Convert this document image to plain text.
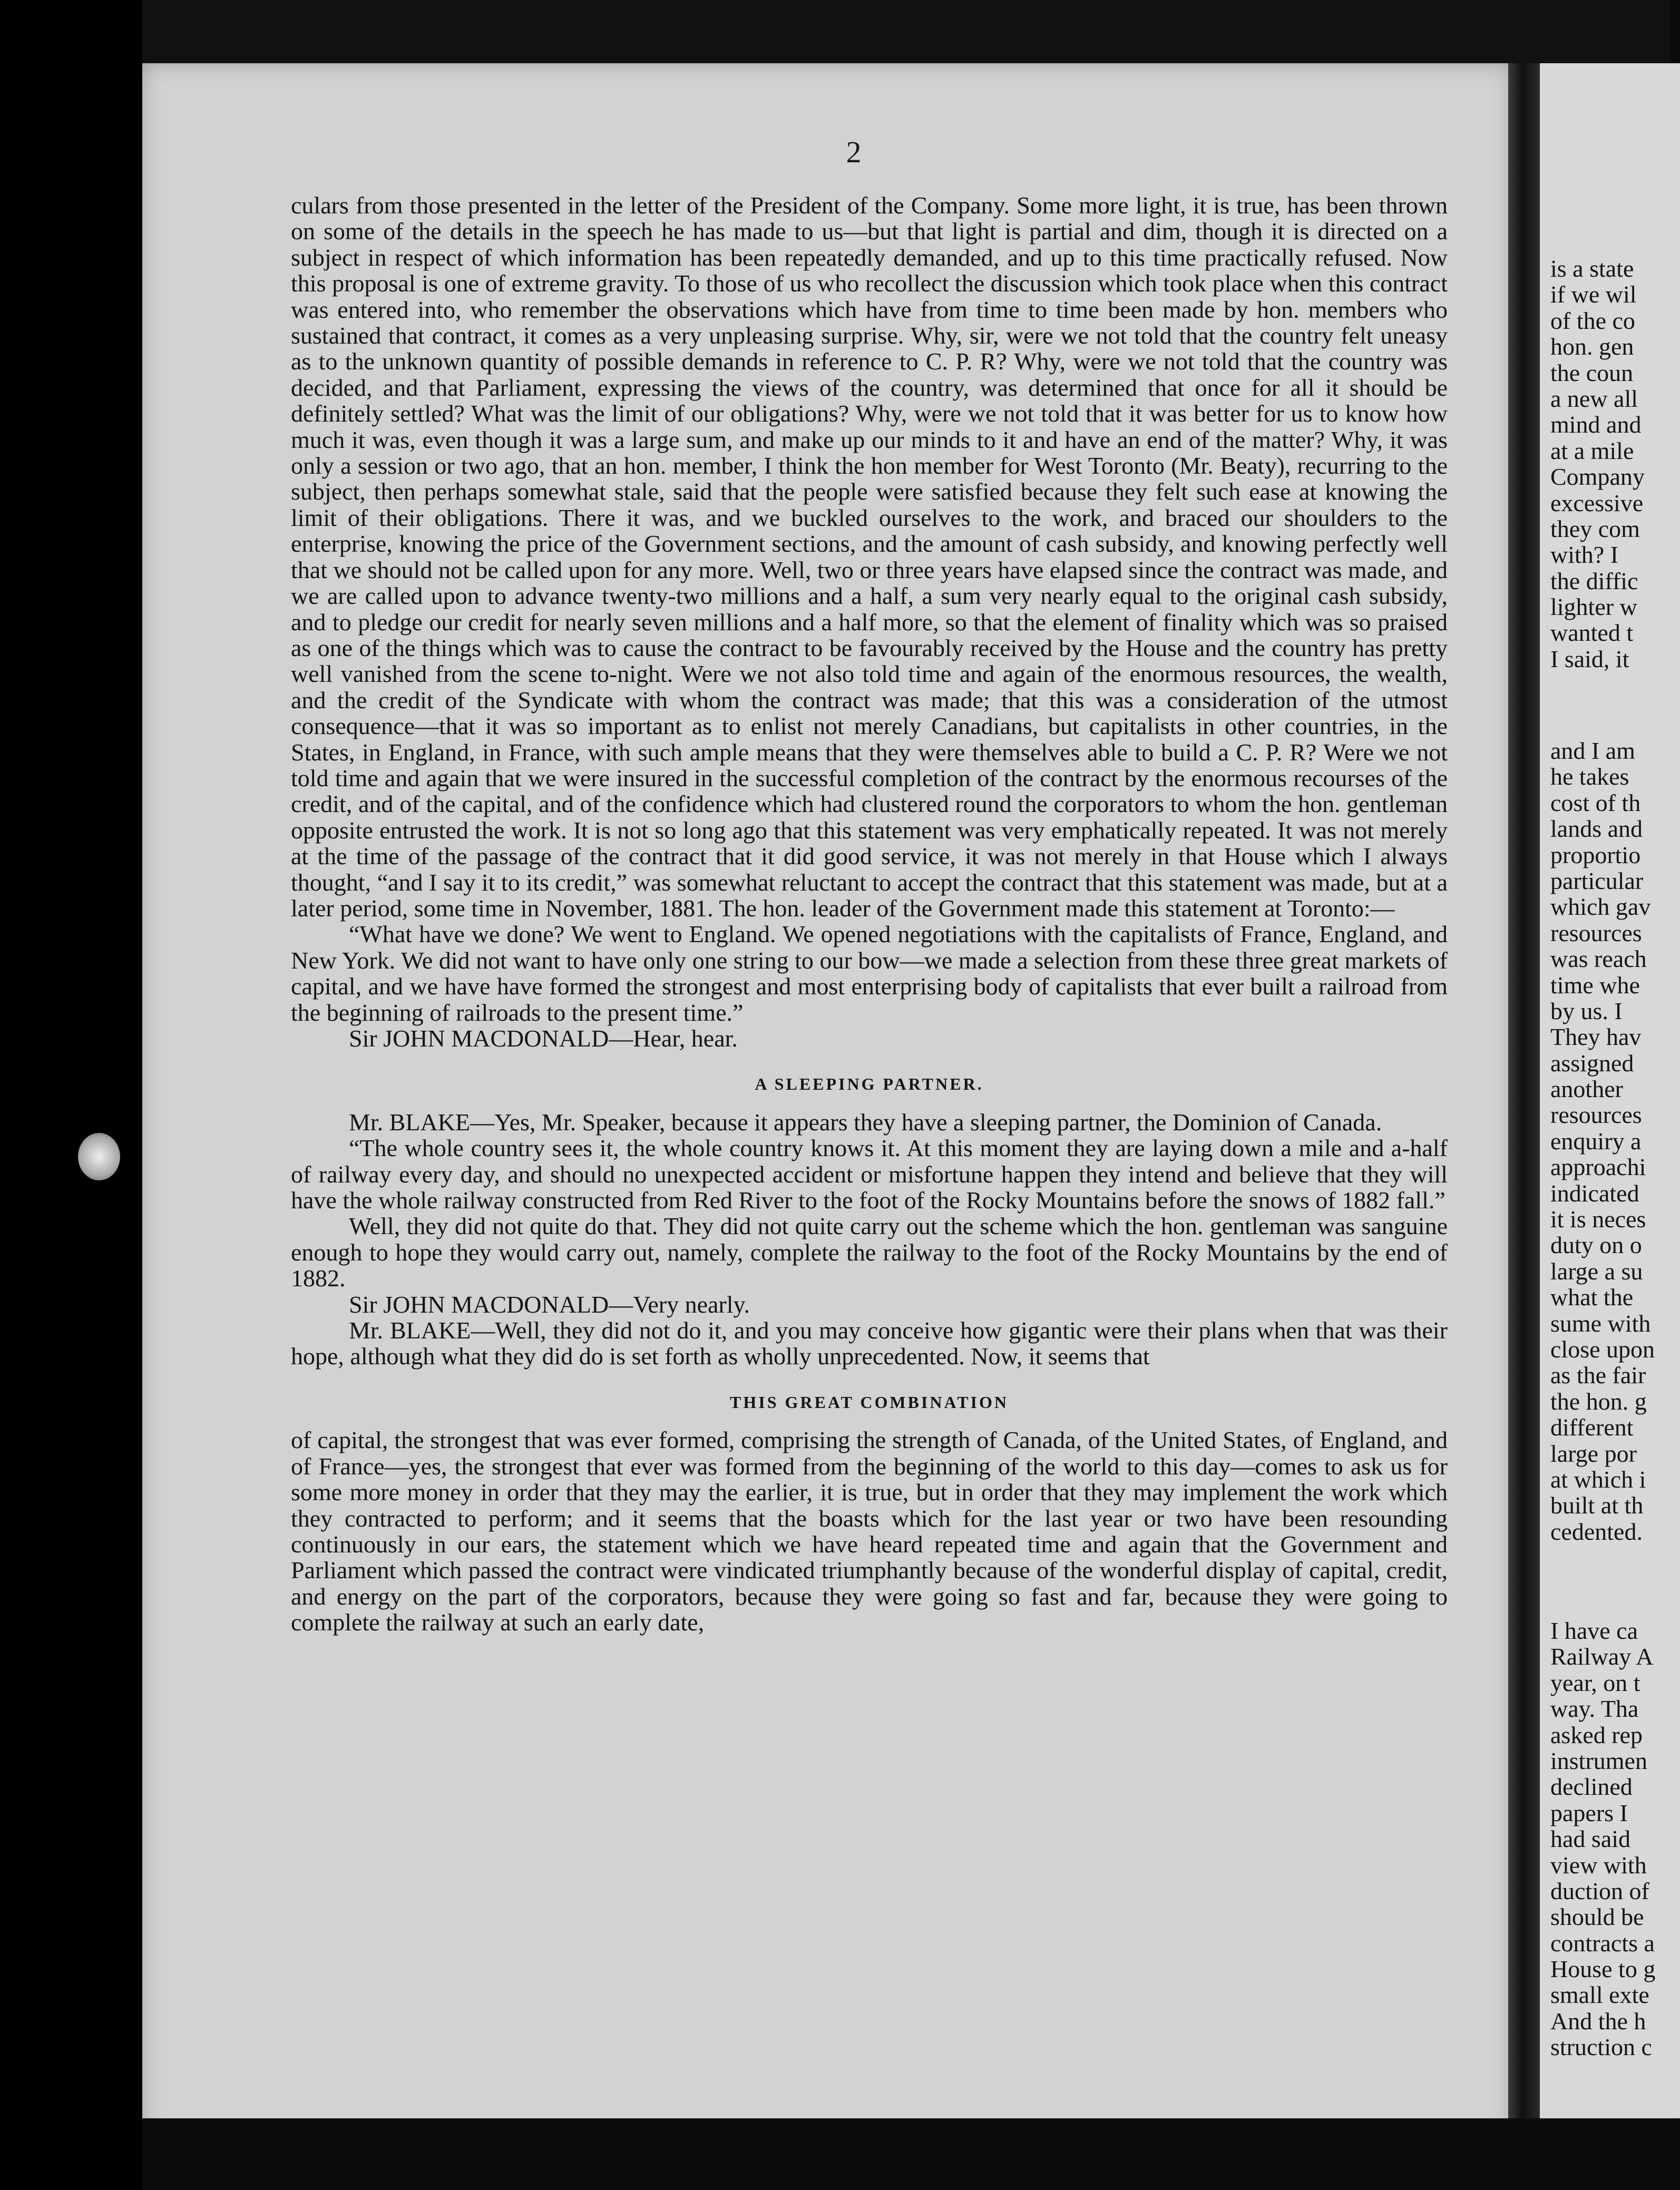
2

culars from those presented in the letter of the President of the Company. Some more light, it is true, has been thrown on some of the details in the speech he has made to us—but that light is partial and dim, though it is directed on a subject in respect of which information has been repeatedly demanded, and up to this time practically refused. Now this proposal is one of extreme gravity. To those of us who recollect the discussion which took place when this contract was entered into, who remember the observations which have from time to time been made by hon. members who sustained that contract, it comes as a very unpleasing surprise. Why, sir, were we not told that the country felt uneasy as to the unknown quantity of possible demands in reference to C. P. R? Why, were we not told that the country was decided, and that Parliament, expressing the views of the country, was determined that once for all it should be definitely settled? What was the limit of our obligations? Why, were we not told that it was better for us to know how much it was, even though it was a large sum, and make up our minds to it and have an end of the matter? Why, it was only a session or two ago, that an hon. member, I think the hon member for West Toronto (Mr. Beaty), recurring to the subject, then perhaps somewhat stale, said that the people were satisfied because they felt such ease at knowing the limit of their obligations. There it was, and we buckled ourselves to the work, and braced our shoulders to the enterprise, knowing the price of the Government sections, and the amount of cash subsidy, and knowing perfectly well that we should not be called upon for any more. Well, two or three years have elapsed since the contract was made, and we are called upon to advance twenty-two millions and a half, a sum very nearly equal to the original cash subsidy, and to pledge our credit for nearly seven millions and a half more, so that the element of finality which was so praised as one of the things which was to cause the contract to be favourably received by the House and the country has pretty well vanished from the scene to-night. Were we not also told time and again of the enormous resources, the wealth, and the credit of the Syndicate with whom the contract was made; that this was a consideration of the utmost consequence—that it was so important as to enlist not merely Canadians, but capitalists in other countries, in the States, in England, in France, with such ample means that they were themselves able to build a C. P. R? Were we not told time and again that we were insured in the successful completion of the contract by the enormous recourses of the credit, and of the capital, and of the confidence which had clustered round the corporators to whom the hon. gentleman opposite entrusted the work. It is not so long ago that this statement was very emphatically repeated. It was not merely at the time of the passage of the contract that it did good service, it was not merely in that House which I always thought, “and I say it to its credit,” was somewhat reluctant to accept the contract that this statement was made, but at a later period, some time in November, 1881. The hon. leader of the Government made this statement at Toronto:—

“What have we done? We went to England. We opened negotiations with the capitalists of France, England, and New York. We did not want to have only one string to our bow—we made a selection from these three great markets of capital, and we have have formed the strongest and most enterprising body of capitalists that ever built a railroad from the beginning of railroads to the present time.”

Sir JOHN MACDONALD—Hear, hear.

A SLEEPING PARTNER.

Mr. BLAKE—Yes, Mr. Speaker, because it appears they have a sleeping partner, the Dominion of Canada.

“The whole country sees it, the whole country knows it. At this moment they are laying down a mile and a-half of railway every day, and should no unexpected accident or misfortune happen they intend and believe that they will have the whole railway constructed from Red River to the foot of the Rocky Mountains before the snows of 1882 fall.”

Well, they did not quite do that. They did not quite carry out the scheme which the hon. gentleman was sanguine enough to hope they would carry out, namely, complete the railway to the foot of the Rocky Mountains by the end of 1882.

Sir JOHN MACDONALD—Very nearly.

Mr. BLAKE—Well, they did not do it, and you may conceive how gigantic were their plans when that was their hope, although what they did do is set forth as wholly unprecedented. Now, it seems that

THIS GREAT COMBINATION

of capital, the strongest that was ever formed, comprising the strength of Canada, of the United States, of England, and of France—yes, the strongest that ever was formed from the beginning of the world to this day—comes to ask us for some more money in order that they may the earlier, it is true, but in order that they may implement the work which they contracted to perform; and it seems that the boasts which for the last year or two have been resounding continuously in our ears, the statement which we have heard repeated time and again that the Government and Parliament which passed the contract were vindicated triumphantly because of the wonderful display of capital, credit, and energy on the part of the corporators, because they were going so fast and far, because they were going to complete the railway at such an early date,

is a state
if we wil
of the co
hon. gen
the coun
a new all
mind and
at a mile
Company
excessive
they com
with? I
the diffic
lighter w
wanted t
I said, it
and I am
he takes
cost of th
lands and
proportio
particular
which gav
resources
was reach
time whe
by us. I
They hav
assigned
another
resources
enquiry a
approachi
indicated
it is neces
duty on o
large a su
what the
sume with
close upon
as the fair
the hon. g
different
large por
at which i
built at th
cedented.
I have ca
Railway A
year, on t
way. Tha
asked rep
instrumen
declined
papers I
had said
view with
duction of
should be
contracts a
House to g
small exte
And the h
struction c
